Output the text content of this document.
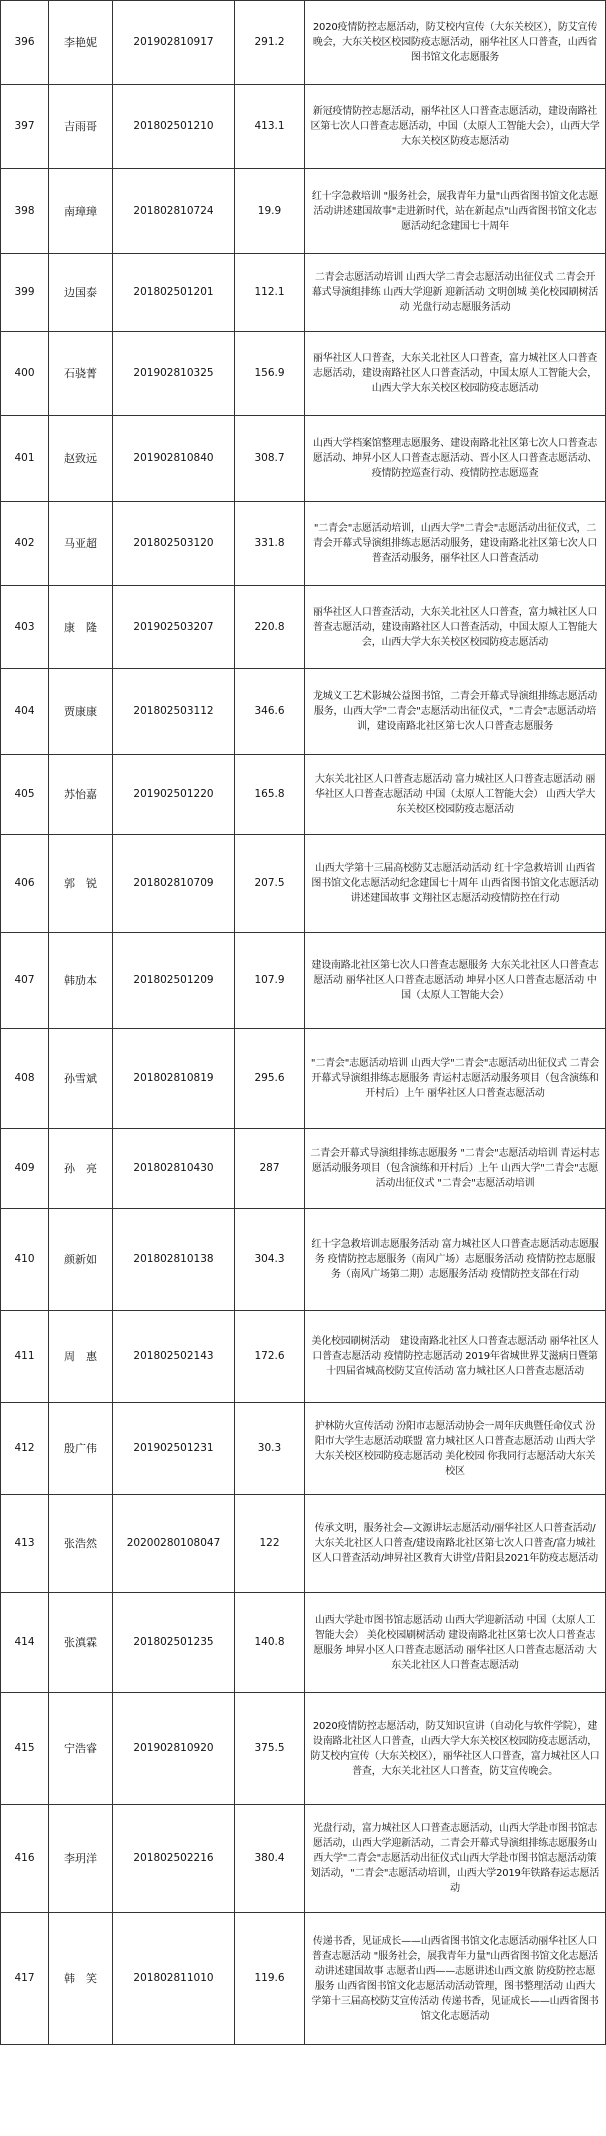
396	李艳妮	201902810917	291.2	2020疫情防控志愿活动，防艾校内宣传（大东关校区），防艾宣传晚会，大东关校区校园防疫志愿活动，丽华社区人口普查，山西省图书馆文化志愿服务
397	吉雨哥	201802501210	413.1	新冠疫情防控志愿活动，丽华社区人口普查志愿活动，建设南路社区第七次人口普查志愿活动，中国（太原人工智能大会），山西大学大东关校区防疫志愿活动
398	南璋璋	201802810724	19.9	红十字急救培训 "服务社会，展我青年力量"山西省图书馆文化志愿活动讲述建国故事"走进新时代，站在新起点"山西省图书馆文化志愿活动纪念建国七十周年
399	边国泰	201802501201	112.1	二青会志愿活动培训 山西大学二青会志愿活动出征仪式 二青会开幕式导演组排练 山西大学迎新 迎新活动 文明创城 美化校园刷树活动 光盘行动志愿服务活动
400	石骁菁	201902810325	156.9	丽华社区人口普查，大东关北社区人口普查，富力城社区人口普查志愿活动，建设南路社区人口普查活动，中国太原人工智能大会，山西大学大东关校区校园防疫志愿活动
401	赵致远	201902810840	308.7	山西大学档案馆整理志愿服务、建设南路北社区第七次人口普查志愿活动、坤昇小区人口普查志愿活动、晋小区人口普查志愿活动、疫情防控巡查行动、疫情防控志愿巡查
402	马亚超	201802503120	331.8	"二青会"志愿活动培训，山西大学"二青会"志愿活动出征仪式，二青会开幕式导演组排练志愿活动服务，建设南路北社区第七次人口普查活动服务，丽华社区人口普查活动
403	康　隆	201902503207	220.8	丽华社区人口普查活动，大东关北社区人口普查，富力城社区人口普查志愿活动，建设南路社区人口普查活动，中国太原人工智能大会，山西大学大东关校区校园防疫志愿活动
404	贾康康	201802503112	346.6	龙城义工艺术影城公益图书馆，二青会开幕式导演组排练志愿活动服务，山西大学"二青会"志愿活动出征仪式，"二青会"志愿活动培训，建设南路北社区第七次人口普查志愿服务
405	苏怡嘉	201902501220	165.8	大东关北社区人口普查志愿活动 富力城社区人口普查志愿活动 丽华社区人口普查志愿活动 中国（太原人工智能大会） 山西大学大东关校区校园防疫志愿活动
406	郭　锐	201802810709	207.5	山西大学第十三届高校防艾志愿活动活动 红十字急救培训 山西省图书馆文化志愿活动纪念建国七十周年 山西省图书馆文化志愿活动讲述建国故事 文翔社区志愿活动疫情防控在行动
407	韩劢本	201802501209	107.9	建设南路北社区第七次人口普查志愿服务 大东关北社区人口普查志愿活动 丽华社区人口普查志愿活动 坤昇小区人口普查志愿活动 中国（太原人工智能大会）
408	孙雪斌	201802810819	295.6	"二青会"志愿活动培训 山西大学"二青会"志愿活动出征仪式 二青会开幕式导演组排练志愿服务 青运村志愿活动服务项目（包含演练和开村后）上午 丽华社区人口普查志愿活动
409	孙　亮	201802810430	287	二青会开幕式导演组排练志愿服务 "二青会"志愿活动培训 青运村志愿活动服务项目（包含演练和开村后）上午 山西大学"二青会"志愿活动出征仪式 "二青会"志愿活动培训
410	颜新如	201802810138	304.3	红十字急救培训志愿服务活动 富力城社区人口普查志愿活动志愿服务 疫情防控志愿服务（南风广场）志愿服务活动 疫情防控志愿服务（南风广场第二期）志愿服务活动 疫情防控支部在行动
411	周　惠	201802502143	172.6	美化校园刷树活动　建设南路北社区人口普查志愿活动 丽华社区人口普查志愿活动 疫情防控志愿活动 2019年省城世界艾滋病日暨第十四届省城高校防艾宣传活动 富力城社区人口普查志愿活动
412	殷广伟	201902501231	30.3	护林防火宣传活动 汾阳市志愿活动协会一周年庆典暨任命仪式 汾阳市大学生志愿活动联盟 富力城社区人口普查志愿活动 山西大学大东关校区校园防疫志愿活动 美化校园 你我同行志愿活动大东关校区
413	张浩然	20200280108047	122	传承文明，服务社会—文源讲坛志愿活动/丽华社区人口普查活动/大东关北社区人口普查/建设南路北社区第七次人口普查/富力城社区人口普查活动/坤昇社区教育大讲堂/昔阳县2021年防疫志愿活动
414	张滇霖	201802501235	140.8	山西大学赴市图书馆志愿活动 山西大学迎新活动 中国（太原人工智能大会） 美化校园刷树活动 建设南路北社区第七次人口普查志愿服务 坤昇小区人口普查志愿活动 丽华社区人口普查志愿活动 大东关北社区人口普查志愿活动
415	宁浩睿	201902810920	375.5	2020疫情防控志愿活动，防艾知识宣讲（自动化与软件学院），建设南路北社区人口普查，山西大学大东关校区校园防疫志愿活动，防艾校内宣传（大东关校区），丽华社区人口普查，富力城社区人口普查，大东关北社区人口普查，防艾宣传晚会。
416	李玥洋	201802502216	380.4	光盘行动，富力城社区人口普查志愿活动，山西大学赴市图书馆志愿活动，山西大学迎新活动，二青会开幕式导演组排练志愿服务山西大学"二青会"志愿活动出征仪式山西大学赴市图书馆志愿活动策划活动，"二青会"志愿活动培训，山西大学2019年铁路春运志愿活动
417	韩　笑	201802811010	119.6	传递书香，见证成长——山西省图书馆文化志愿活动丽华社区人口普查志愿活动 "服务社会，展我青年力量"山西省图书馆文化志愿活动讲述建国故事 志愿者山西——志愿讲述山西文旅 防疫防控志愿服务 山西省图书馆文化志愿活动活动管理，图书整理活动 山西大学第十三届高校防艾宣传活动 传递书香，见证成长——山西省图书馆文化志愿活动
